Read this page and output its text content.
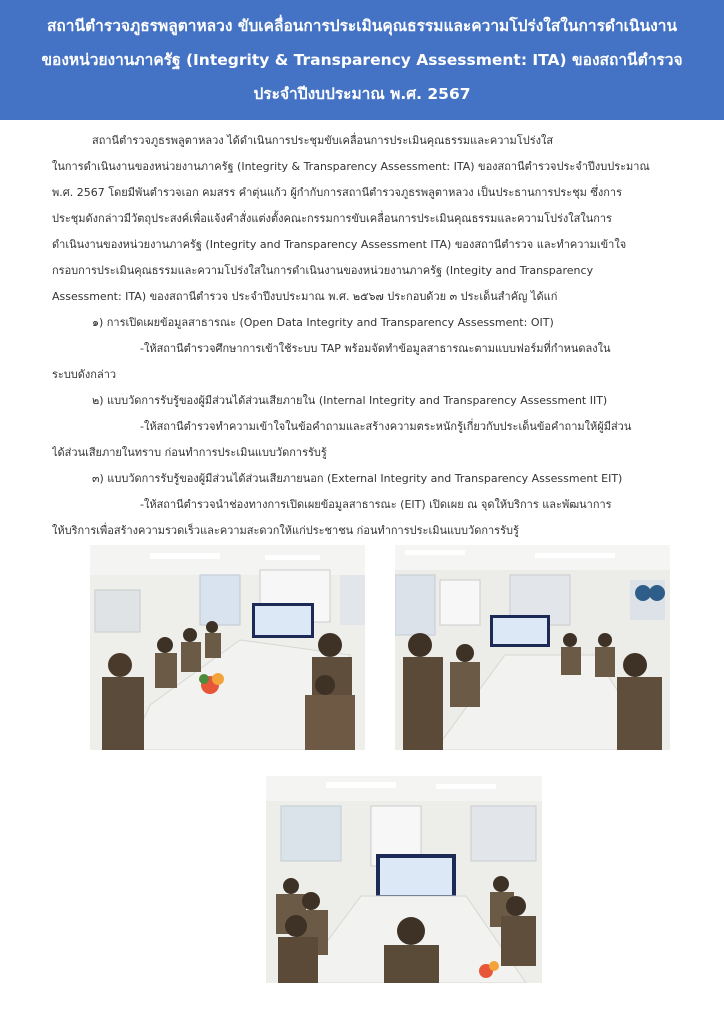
สถานีตำรวจภูธรพลูตาหลวง ขับเคลื่อนการประเมินคุณธรรมและความโปร่งใสในการดำเนินงาน
ของหน่วยงานภาครัฐ (Integrity & Transparency Assessment: ITA) ของสถานีตำรวจ
ประจำปีงบประมาณ พ.ศ. 2567

สถานีตำรวจภูธรพลูตาหลวง ได้ดำเนินการประชุมขับเคลื่อนการประเมินคุณธรรมและความโปร่งใส

ในการดำเนินงานของหน่วยงานภาครัฐ (Integrity & Transparency Assessment: ITA) ของสถานีตำรวจประจำปีงบประมาณ

พ.ศ. 2567 โดยมีพันตำรวจเอก คมสรร คำตุ่นแก้ว ผู้กำกับการสถานีตำรวจภูธรพลูตาหลวง เป็นประธานการประชุม ซึ่งการ

ประชุมดังกล่าวมีวัตถุประสงค์เพื่อแจ้งคำสั่งแต่งตั้งคณะกรรมการขับเคลื่อนการประเมินคุณธรรมและความโปร่งใสในการ

ดำเนินงานของหน่วยงานภาครัฐ (Integrity and Transparency Assessment ITA) ของสถานีตำรวจ และทำความเข้าใจ

กรอบการประเมินคุณธรรมและความโปร่งใสในการดำเนินงานของหน่วยงานภาครัฐ (Integity and Transparency

Assessment: ITA) ของสถานีตำรวจ ประจำปีงบประมาณ พ.ศ. ๒๕๖๗ ประกอบด้วย ๓ ประเด็นสำคัญ ได้แก่

๑) การเปิดเผยข้อมูลสาธารณะ (Open Data Integrity and Transparency Assessment: OIT)

-ให้สถานีตำรวจศึกษาการเข้าใช้ระบบ TAP พร้อมจัดทำข้อมูลสาธารณะตามแบบฟอร์มที่กำหนดลงใน

ระบบดังกล่าว

๒) แบบวัดการรับรู้ของผู้มีส่วนได้ส่วนเสียภายใน (Internal Integrity and Transparency Assessment IIT)

-ให้สถานีตำรวจทำความเข้าใจในข้อคำถามและสร้างความตระหนักรู้เกี่ยวกับประเด็นข้อคำถามให้ผู้มีส่วน

ได้ส่วนเสียภายในทราบ ก่อนทำการประเมินแบบวัดการรับรู้

๓) แบบวัดการรับรู้ของผู้มีส่วนได้ส่วนเสียภายนอก (External Integrity and Transparency Assessment EIT)

-ให้สถานีตำรวจนำช่องทางการเปิดเผยข้อมูลสาธารณะ (EIT) เปิดเผย ณ จุดให้บริการ และพัฒนาการ

ให้บริการเพื่อสร้างความรวดเร็วและความสะดวกให้แก่ประชาชน ก่อนทำการประเมินแบบวัดการรับรู้
